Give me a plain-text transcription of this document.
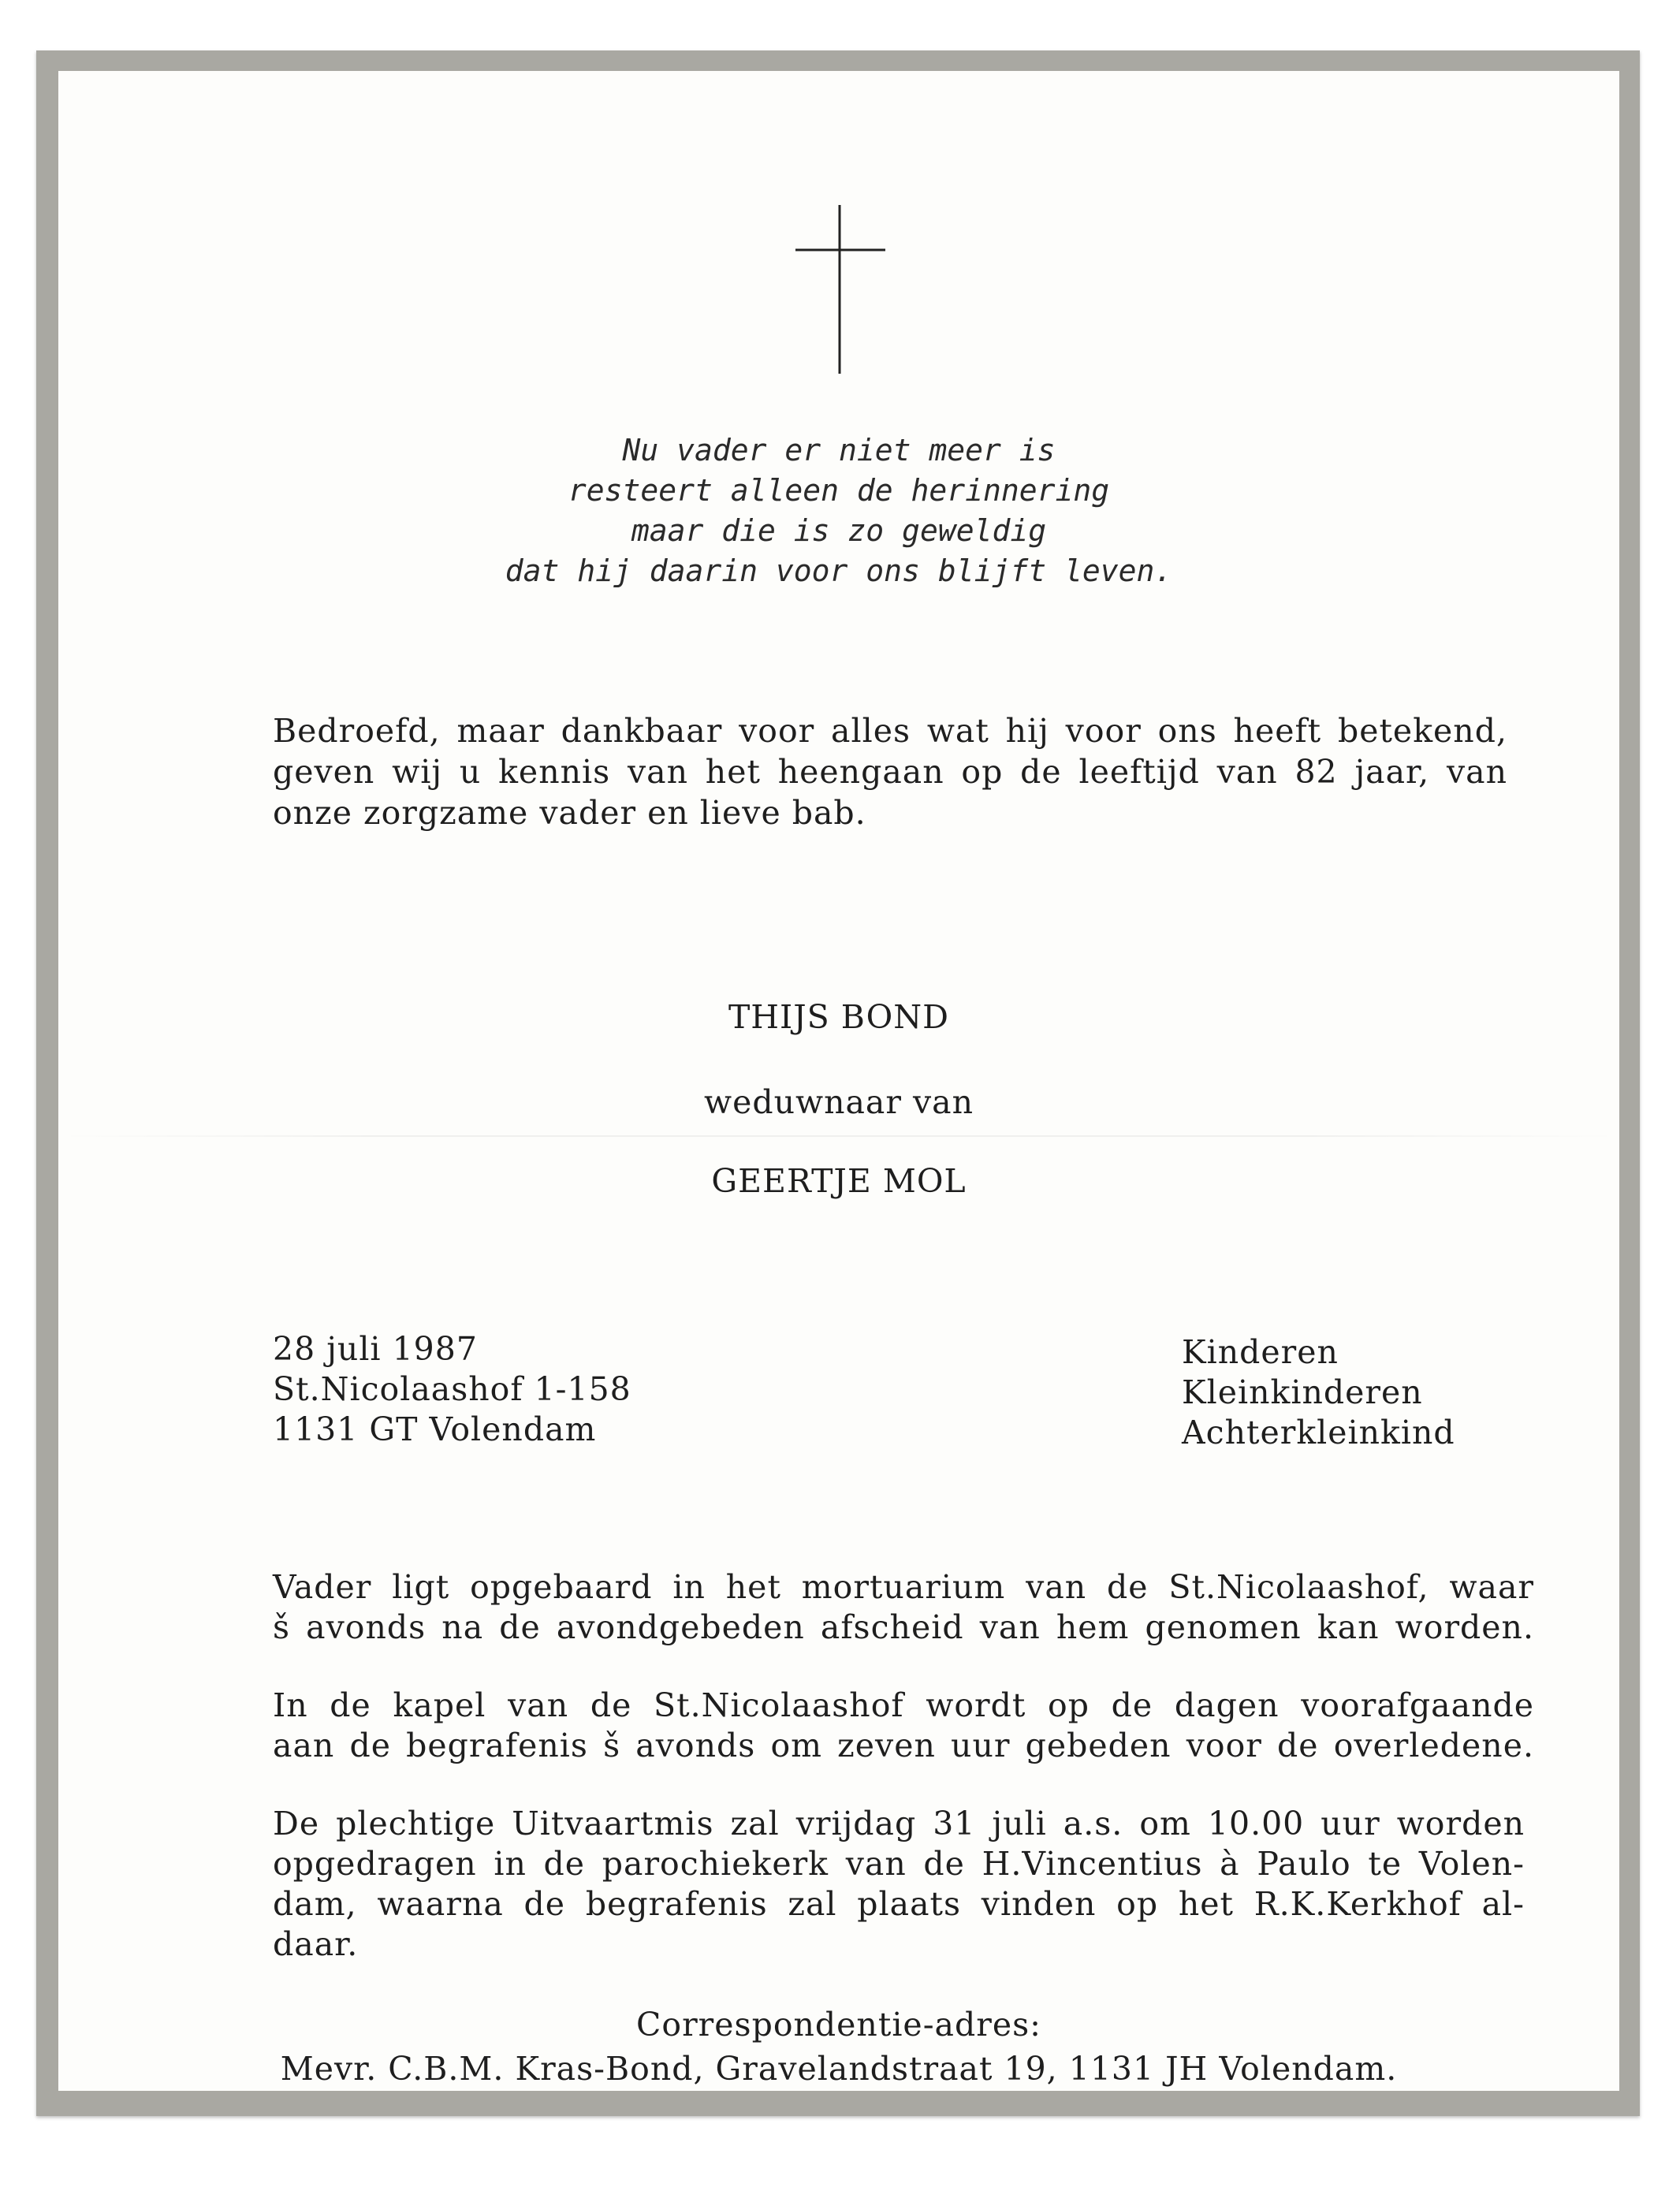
Nu vader er niet meer is
resteert alleen de herinnering
maar die is zo geweldig
dat hij daarin voor ons blijft leven.
Bedroefd, maar dankbaar voor alles wat hij voor ons heeft betekend,
geven wij u kennis van het heengaan op de leeftijd van 82 jaar, van
onze zorgzame vader en lieve bab.
THIJS BOND
weduwnaar van
GEERTJE MOL
28 juli 1987
St.Nicolaashof 1-158
1131 GT Volendam
Kinderen
Kleinkinderen
Achterkleinkind
Vader ligt opgebaard in het mortuarium van de St.Nicolaashof, waar
š avonds na de avondgebeden afscheid van hem genomen kan worden.
In de kapel van de St.Nicolaashof wordt op de dagen voorafgaande
aan de begrafenis š avonds om zeven uur gebeden voor de overledene.
De plechtige Uitvaartmis zal vrijdag 31 juli a.s. om 10.00 uur worden
opgedragen in de parochiekerk van de H.Vincentius à Paulo te Volen-
dam, waarna de begrafenis zal plaats vinden op het R.K.Kerkhof al-
daar.
Correspondentie-adres:
Mevr. C.B.M. Kras-Bond, Gravelandstraat 19, 1131 JH Volendam.
